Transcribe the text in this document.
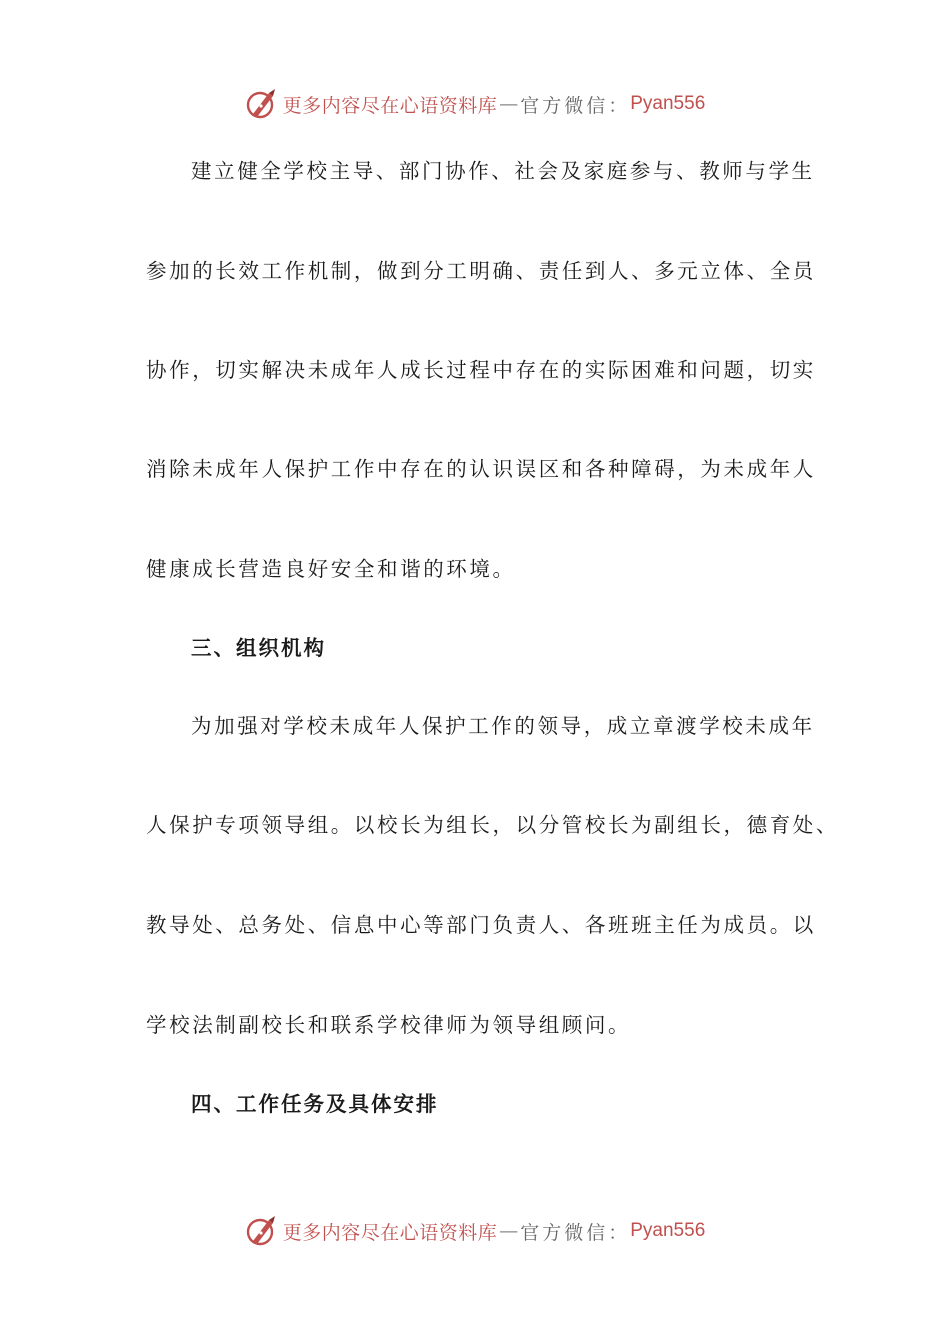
更多内容尽在心语资料库 — 官方微信： Pyan556
建立健全学校主导、部门协作、社会及家庭参与、教师与学生
参加的长效工作机制，做到分工明确、责任到人、多元立体、全员
协作，切实解决未成年人成长过程中存在的实际困难和问题，切实
消除未成年人保护工作中存在的认识误区和各种障碍，为未成年人
健康成长营造良好安全和谐的环境。
三、组织机构
为加强对学校未成年人保护工作的领导，成立章渡学校未成年
人保护专项领导组。以校长为组长，以分管校长为副组长，德育处、
教导处、总务处、信息中心等部门负责人、各班班主任为成员。以
学校法制副校长和联系学校律师为领导组顾问。
四、工作任务及具体安排
更多内容尽在心语资料库 — 官方微信： Pyan556
